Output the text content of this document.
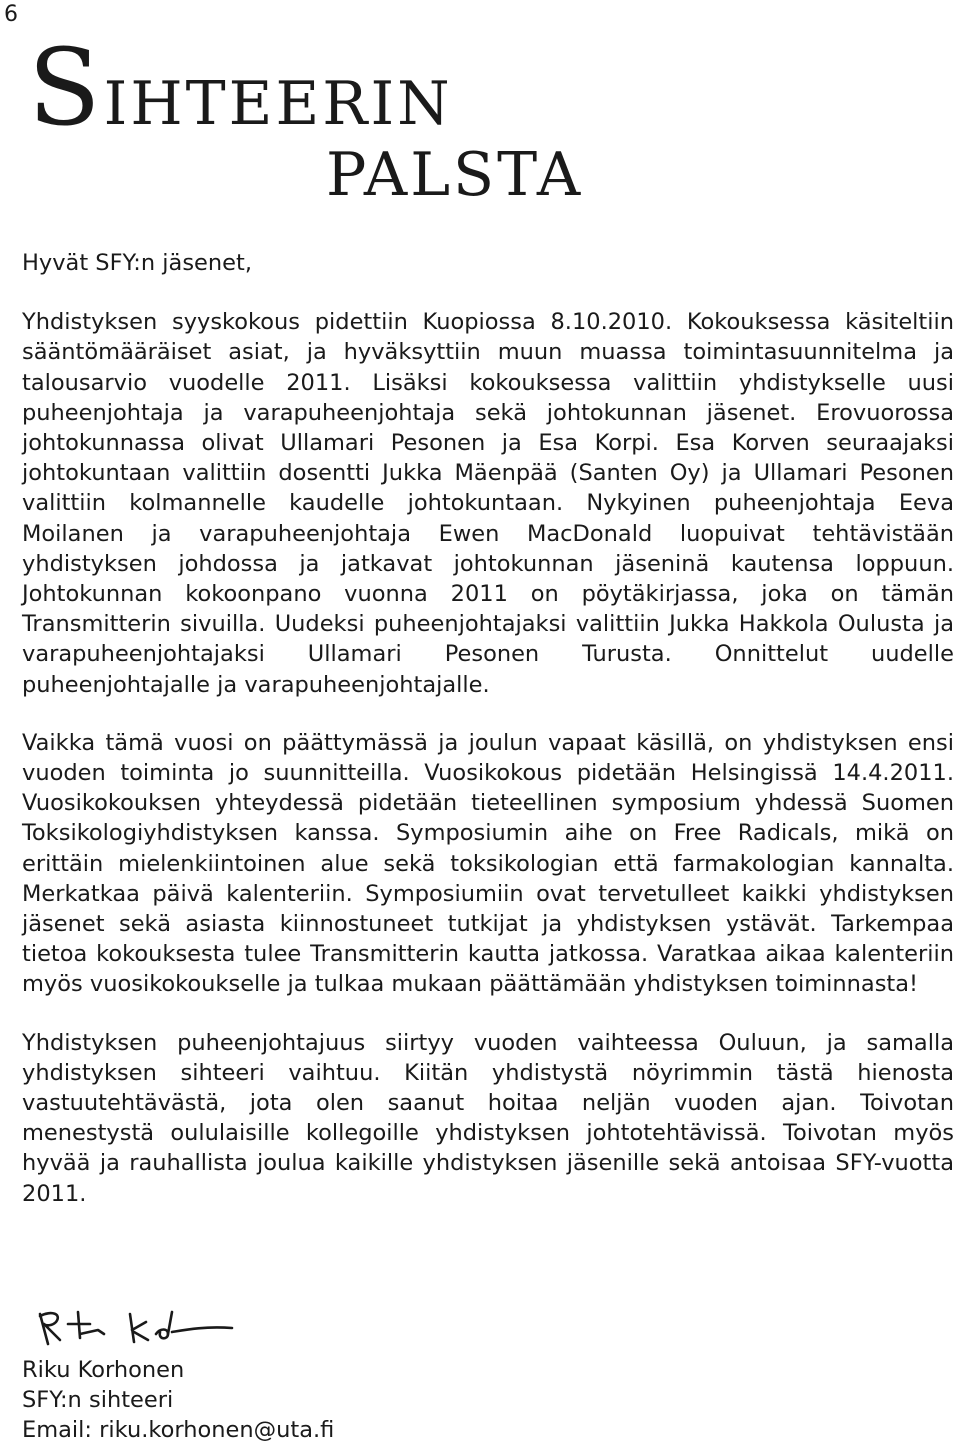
6
SIHTEERIN
PALSTA

Hyvät SFY:n jäsenet,

Yhdistyksen syyskokous pidettiin Kuopiossa 8.10.2010. Kokouksessa käsiteltiin sääntömääräiset asiat, ja hyväksyttiin muun muassa toimintasuunnitelma ja talousarvio vuodelle 2011. Lisäksi kokouksessa valittiin yhdistykselle uusi puheenjohtaja ja varapuheenjohtaja sekä johtokunnan jäsenet. Erovuorossa johtokunnassa olivat Ullamari Pesonen ja Esa Korpi. Esa Korven seuraajaksi johtokuntaan valittiin dosentti Jukka Mäenpää (Santen Oy) ja Ullamari Pesonen valittiin kolmannelle kaudelle johtokuntaan. Nykyinen puheenjohtaja Eeva Moilanen ja varapuheenjohtaja Ewen MacDonald luopuivat tehtävistään yhdistyksen johdossa ja jatkavat johtokunnan jäseninä kautensa loppuun. Johtokunnan kokoonpano vuonna 2011 on pöytäkirjassa, joka on tämän Transmitterin sivuilla. Uudeksi puheenjohtajaksi valittiin Jukka Hakkola Oulusta ja varapuheenjohtajaksi Ullamari Pesonen Turusta. Onnittelut uudelle puheenjohtajalle ja varapuheenjohtajalle.

Vaikka tämä vuosi on päättymässä ja joulun vapaat käsillä, on yhdistyksen ensi vuoden toiminta jo suunnitteilla. Vuosikokous pidetään Helsingissä 14.4.2011. Vuosikokouksen yhteydessä pidetään tieteellinen symposium yhdessä Suomen Toksikologiyhdistyksen kanssa. Symposiumin aihe on Free Radicals, mikä on erittäin mielenkiintoinen alue sekä toksikologian että farmakologian kannalta. Merkatkaa päivä kalenteriin. Symposiumiin ovat tervetulleet kaikki yhdistyksen jäsenet sekä asiasta kiinnostuneet tutkijat ja yhdistyksen ystävät. Tarkempaa tietoa kokouksesta tulee Transmitterin kautta jatkossa. Varatkaa aikaa kalenteriin myös vuosikokoukselle ja tulkaa mukaan päättämään yhdistyksen toiminnasta!

Yhdistyksen puheenjohtajuus siirtyy vuoden vaihteessa Ouluun, ja samalla yhdistyksen sihteeri vaihtuu. Kiitän yhdistystä nöyrimmin tästä hienosta vastuutehtävästä, jota olen saanut hoitaa neljän vuoden ajan. Toivotan menestystä oululaisille kollegoille yhdistyksen johtotehtävissä. Toivotan myös hyvää ja rauhallista joulua kaikille yhdistyksen jäsenille sekä antoisaa SFY-vuotta 2011.

Riku Korhonen
SFY:n sihteeri
Email: riku.korhonen@uta.fi
